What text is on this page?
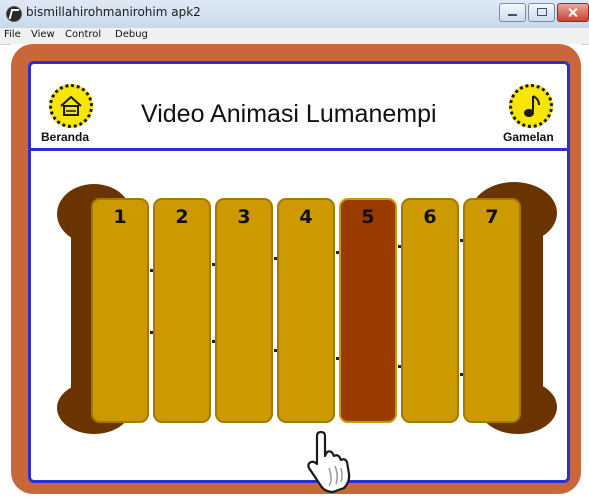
bismillahirohmanirohim apk2
File View Control Debug
Beranda
Video Animasi Lumanempi
Gamelan
1	2	3	4	5	6	7
